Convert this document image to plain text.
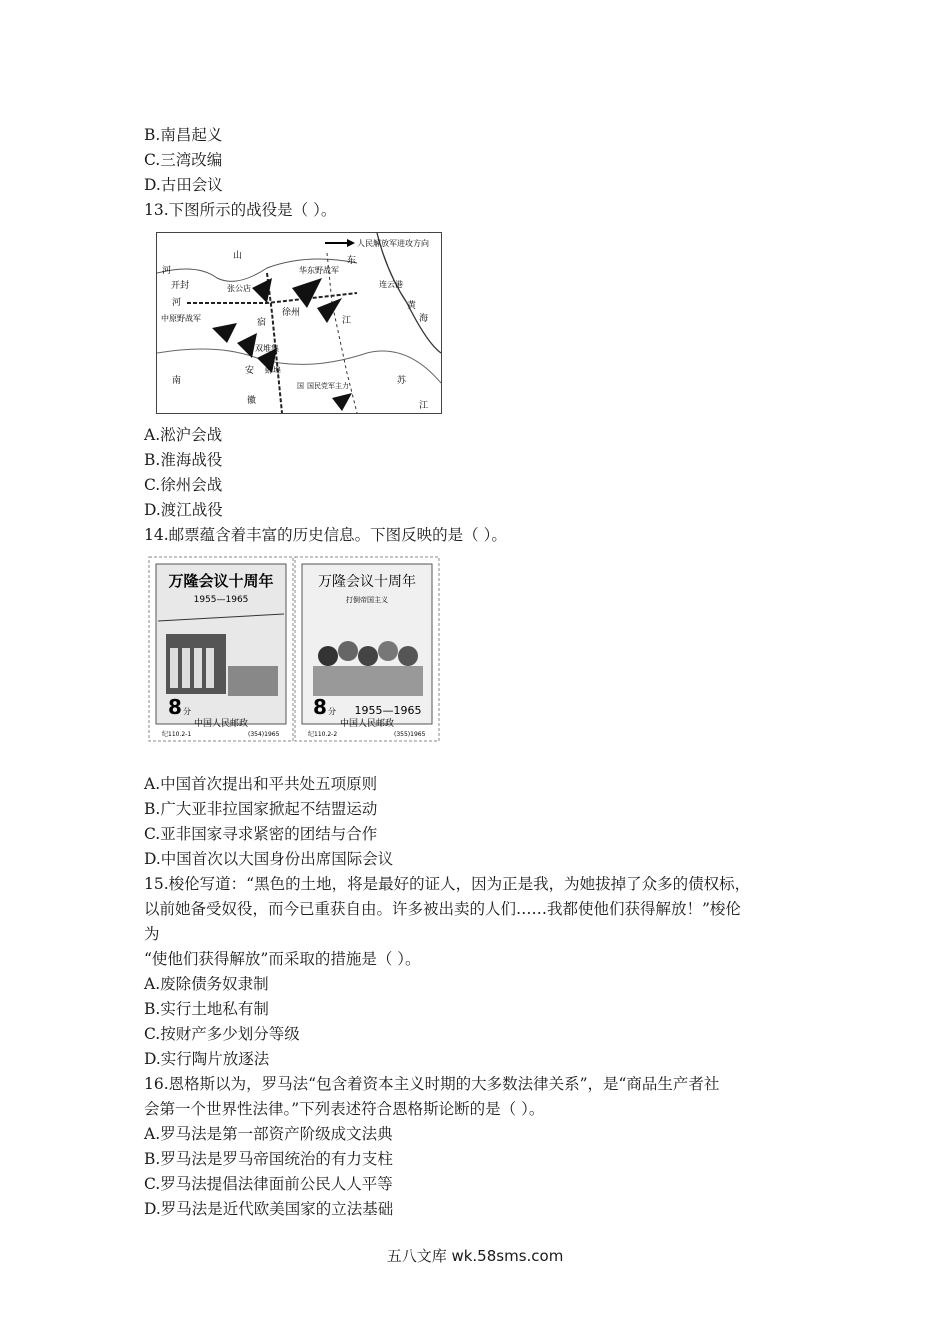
B.南昌起义
C.三湾改编
D.古田会议
13.下图所示的战役是（ ）。
人民解放军进攻方向
山	东
河
河
开封	张公店
华东野战军
连云港
黄
海
中原野战军
徐州
宿	江
双堆集
安 蚌埠
徽
南	苏
江
国民党军主力
国
A.淞沪会战
B.淮海战役
C.徐州会战
D.渡江战役
14.邮票蕴含着丰富的历史信息。下图反映的是（ ）。
万隆会议十周年
1955—1965
8 分
中国人民邮政
纪110.2-1	(354)1965
万隆会议十周年
打倒帝国主义
8 分 1955—1965
中国人民邮政
纪110.2-2	(355)1965
A.中国首次提出和平共处五项原则
B.广大亚非拉国家掀起不结盟运动
C.亚非国家寻求紧密的团结与合作
D.中国首次以大国身份出席国际会议
15.梭伦写道：“黑色的土地，将是最好的证人，因为正是我，为她拔掉了众多的债权标，
以前她备受奴役，而今已重获自由。许多被出卖的人们……我都使他们获得解放！”梭伦
为
“使他们获得解放”而采取的措施是（ ）。
A.废除债务奴隶制
B.实行土地私有制
C.按财产多少划分等级
D.实行陶片放逐法
16.恩格斯以为，罗马法“包含着资本主义时期的大多数法律关系”，是“商品生产者社
会第一个世界性法律。”下列表述符合恩格斯论断的是（ ）。
A.罗马法是第一部资产阶级成文法典
B.罗马法是罗马帝国统治的有力支柱
C.罗马法提倡法律面前公民人人平等
D.罗马法是近代欧美国家的立法基础
五八文库 wk.58sms.com
